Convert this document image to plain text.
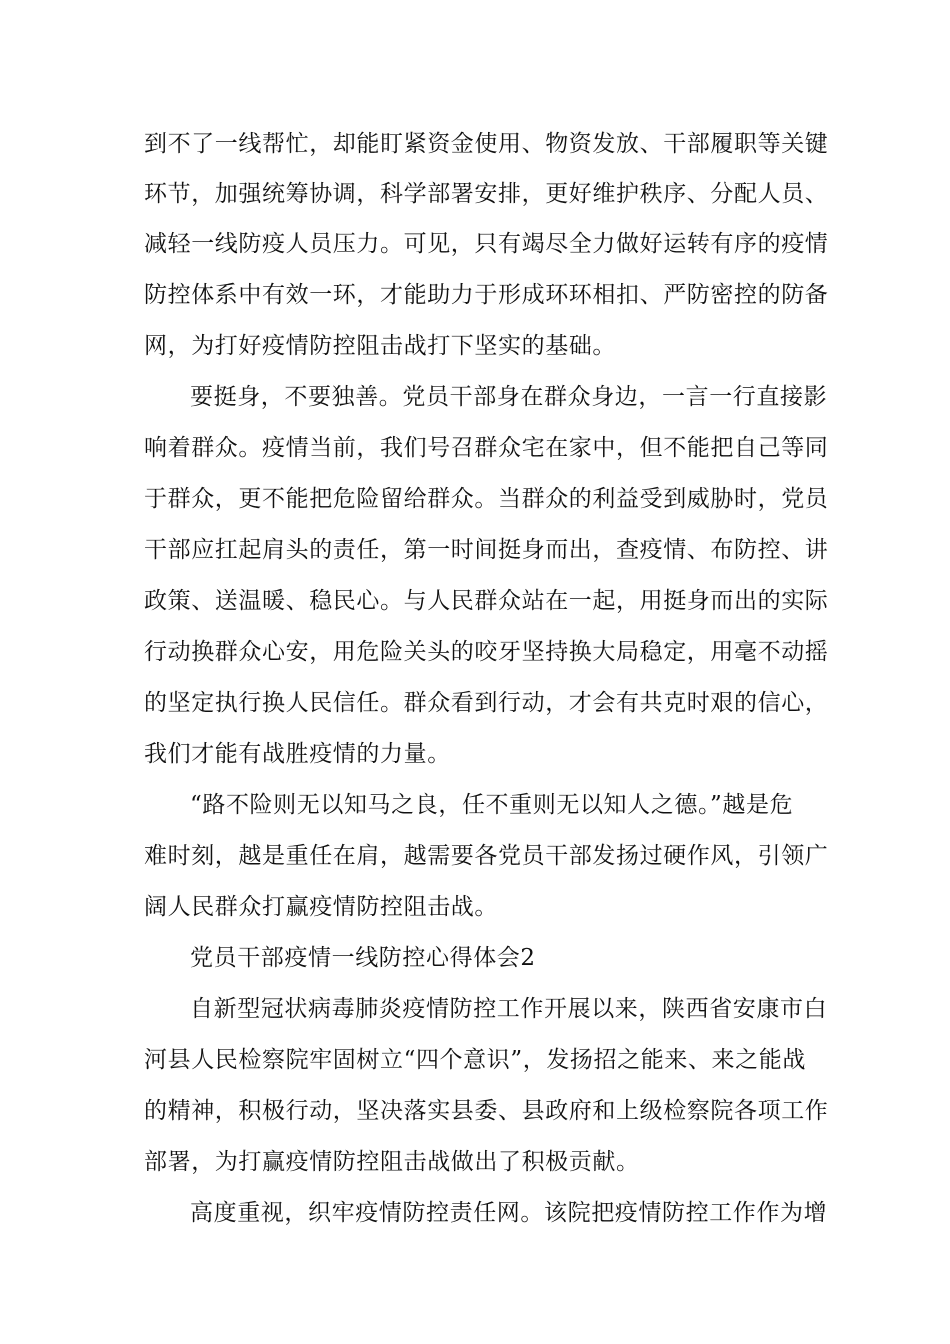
到不了一线帮忙，却能盯紧资金使用、物资发放、干部履职等关键
环节，加强统筹协调，科学部署安排，更好维护秩序、分配人员、
减轻一线防疫人员压力。可见，只有竭尽全力做好运转有序的疫情
防控体系中有效一环，才能助力于形成环环相扣、严防密控的防备
网，为打好疫情防控阻击战打下坚实的基础。
要挺身，不要独善。党员干部身在群众身边，一言一行直接影
响着群众。疫情当前，我们号召群众宅在家中，但不能把自己等同
于群众，更不能把危险留给群众。当群众的利益受到威胁时，党员
干部应扛起肩头的责任，第一时间挺身而出，查疫情、布防控、讲
政策、送温暖、稳民心。与人民群众站在一起，用挺身而出的实际
行动换群众心安，用危险关头的咬牙坚持换大局稳定，用毫不动摇
的坚定执行换人民信任。群众看到行动，才会有共克时艰的信心，
我们才能有战胜疫情的力量。
“路不险则无以知马之良，任不重则无以知人之德。”越是危
难时刻，越是重任在肩，越需要各党员干部发扬过硬作风，引领广
阔人民群众打赢疫情防控阻击战。
党员干部疫情一线防控心得体会2
自新型冠状病毒肺炎疫情防控工作开展以来，陕西省安康市白
河县人民检察院牢固树立“四个意识”，发扬招之能来、来之能战
的精神，积极行动，坚决落实县委、县政府和上级检察院各项工作
部署，为打赢疫情防控阻击战做出了积极贡献。
高度重视，织牢疫情防控责任网。该院把疫情防控工作作为增
